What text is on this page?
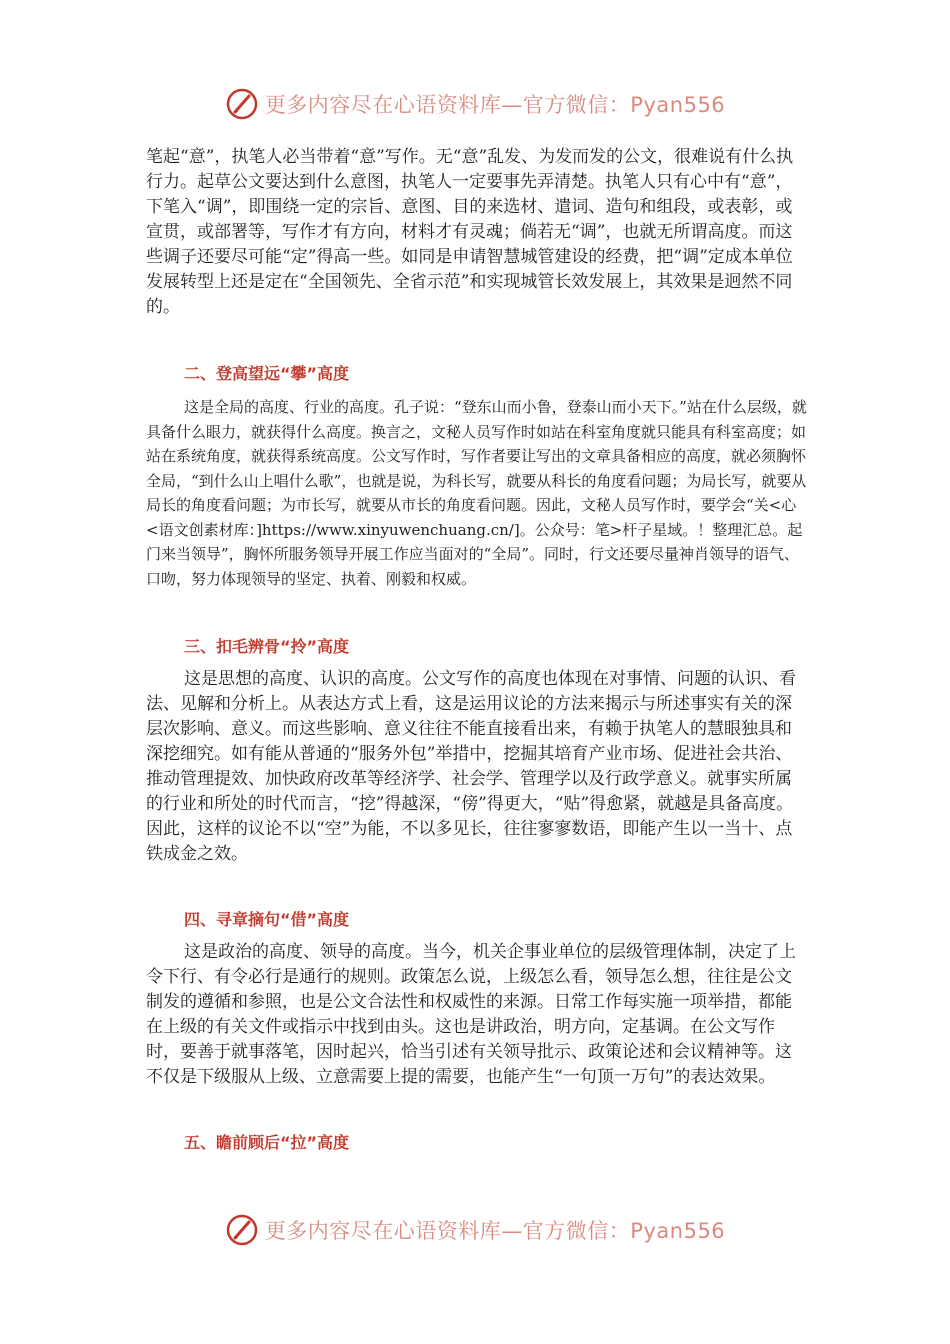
更多内容尽在心语资料库—官方微信：Pyan556

笔起“意”，执笔人必当带着“意”写作。无“意”乱发、为发而发的公文，很难说有什么执行力。起草公文要达到什么意图，执笔人一定要事先弄清楚。执笔人只有心中有“意”，下笔入“调”，即围绕一定的宗旨、意图、目的来选材、遣词、造句和组段，或表彰，或宣贯，或部署等，写作才有方向，材料才有灵魂；倘若无“调”，也就无所谓高度。而这些调子还要尽可能“定”得高一些。如同是申请智慧城管建设的经费，把“调”定成本单位发展转型上还是定在“全国领先、全省示范”和实现城管长效发展上，其效果是迥然不同的。

二、登高望远“攀”高度

这是全局的高度、行业的高度。孔子说：“登东山而小鲁，登泰山而小天下。”站在什么层级，就具备什么眼力，就获得什么高度。换言之，文秘人员写作时如站在科室角度就只能具有科室高度；如站在系统角度，就获得系统高度。公文写作时，写作者要让写出的文章具备相应的高度，就必须胸怀全局，“到什么山上唱什么歌”，也就是说，为科长写，就要从科长的角度看问题；为局长写，就要从局长的角度看问题；为市长写，就要从市长的角度看问题。因此，文秘人员写作时，要学会“关<心<语文创素材库：]https://www.xinyuwenchuang.cn/]。公众号：笔>杆子星域。！整理汇总。起门来当领导”，胸怀所服务领导开展工作应当面对的“全局”。同时，行文还要尽量神肖领导的语气、口吻，努力体现领导的坚定、执着、刚毅和权威。

三、扣毛辨骨“拎”高度

这是思想的高度、认识的高度。公文写作的高度也体现在对事情、问题的认识、看法、见解和分析上。从表达方式上看，这是运用议论的方法来揭示与所述事实有关的深层次影响、意义。而这些影响、意义往往不能直接看出来，有赖于执笔人的慧眼独具和深挖细究。如有能从普通的“服务外包”举措中，挖掘其培育产业市场、促进社会共治、推动管理提效、加快政府改革等经济学、社会学、管理学以及行政学意义。就事实所属的行业和所处的时代而言，“挖”得越深，“傍”得更大，“贴”得愈紧，就越是具备高度。因此，这样的议论不以“空”为能，不以多见长，往往寥寥数语，即能产生以一当十、点铁成金之效。

四、寻章摘句“借”高度

这是政治的高度、领导的高度。当今，机关企事业单位的层级管理体制，决定了上令下行、有令必行是通行的规则。政策怎么说，上级怎么看，领导怎么想，往往是公文制发的遵循和参照，也是公文合法性和权威性的来源。日常工作每实施一项举措，都能在上级的有关文件或指示中找到由头。这也是讲政治，明方向，定基调。在公文写作时，要善于就事落笔，因时起兴，恰当引述有关领导批示、政策论述和会议精神等。这不仅是下级服从上级、立意需要上提的需要，也能产生“一句顶一万句”的表达效果。

五、瞻前顾后“拉”高度
更多内容尽在心语资料库—官方微信：Pyan556
